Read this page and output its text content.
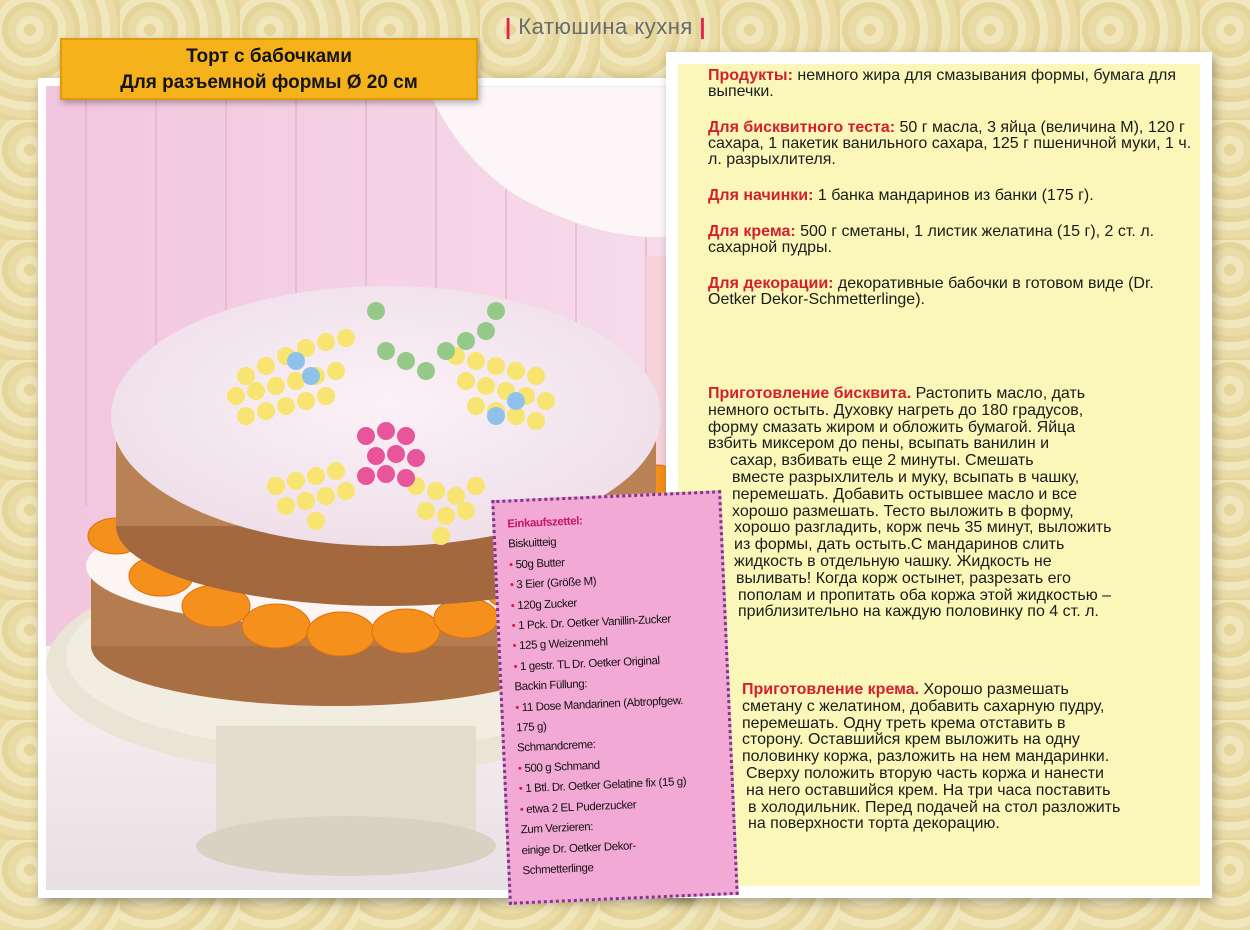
| Катюшина кухня |
Торт с бабочками
Для разъемной формы Ø 20 см	Продукты: немного жира для смазывания формы, бумага для выпечки.

Для бисквитного теста: 50 г масла, 3 яйца (величина М), 120 г сахара, 1 пакетик ванильного сахара, 125 г пшеничной муки, 1 ч. л. разрыхлителя.

Для начинки: 1 банка мандаринов из банки (175 г).

Для крема: 500 г сметаны, 1 листик желатина (15 г), 2 ст. л. сахарной пудры.

Для декорации: декоративные бабочки в готовом виде (Dr. Oetker Dekor-Schmetterlinge).

Приготовление бисквита. Растопить масло, дать
немного остыть. Духовку нагреть до 180 градусов,
форму смазать жиром и обложить бумагой. Яйца
взбить миксером до пены, всыпать ванилин и
сахар, взбивать еще 2 минуты. Смешать
вместе разрыхлитель и муку, всыпать в чашку,
перемешать. Добавить остывшее масло и все
хорошо размешать. Тесто выложить в форму,
хорошо разгладить, корж печь 35 минут, выложить
из формы, дать остыть.С мандаринов слить
жидкость в отдельную чашку. Жидкость не
выливать! Когда корж остынет, разрезать его
пополам и пропитать оба коржа этой жидкостью –
приблизительно на каждую половинку по 4 ст. л.
Приготовление крема. Хорошо размешать
сметану с желатином, добавить сахарную пудру,
перемешать. Одну треть крема отставить в
сторону. Оставшийся крем выложить на одну
половинку коржа, разложить на нем мандаринки.
Сверху положить вторую часть коржа и нанести
на него оставшийся крем. На три часа поставить
в холодильник. Перед подачей на стол разложить
на поверхности торта декорацию.
Einkaufszettel:
Biskuitteig
• 50g Butter
• 3 Eier (Größe M)
• 120g Zucker
• 1 Pck. Dr. Oetker Vanillin-Zucker
• 125 g Weizenmehl
• 1 gestr. TL Dr. Oetker Original
Backin Füllung:
• 11 Dose Mandarinen (Abtropfgew.
175 g)
Schmandcreme:
• 500 g Schmand
• 1 Btl. Dr. Oetker Gelatine fix (15 g)
• etwa 2 EL Puderzucker
Zum Verzieren:
einige Dr. Oetker Dekor-
Schmetterlinge
